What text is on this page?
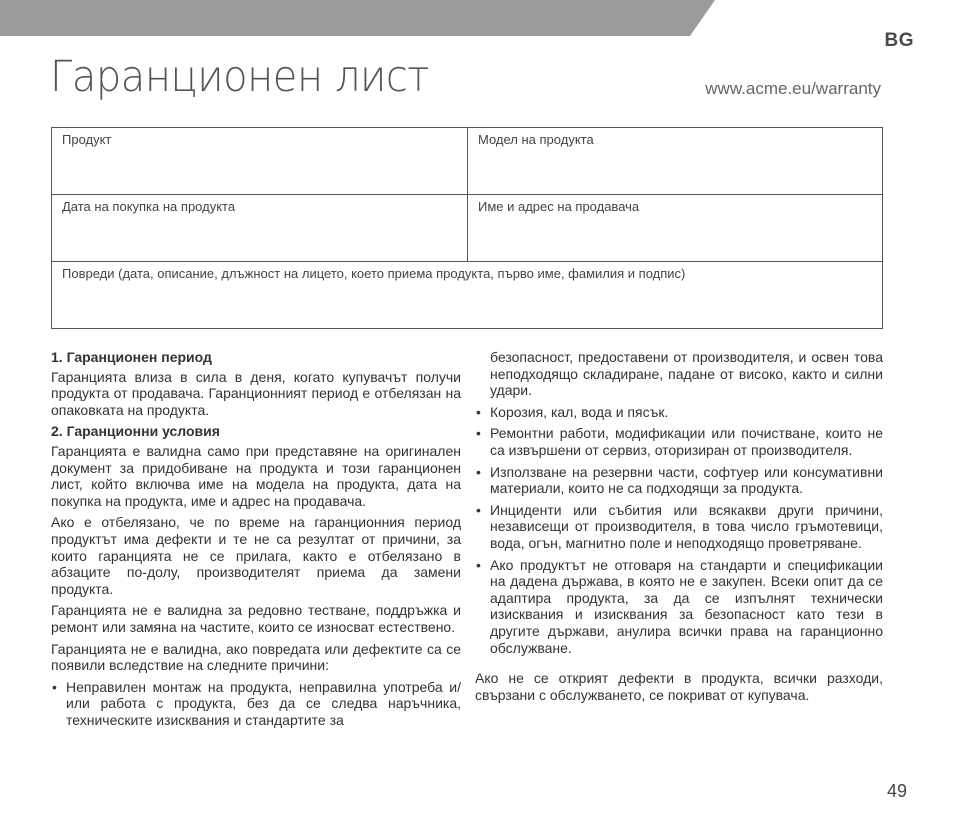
BG
Гаранционен лист	www.acme.eu/warranty
Продукт	Модел на продукта
Дата на покупка на продукта	Име и адрес на продавача
Повреди (дата, описание, длъжност на лицето, което приема продукта, първо име, фамилия и подпис)

1. Гаранционен период

Гаранцията влиза в сила в деня, когато купувачът получи продукта от продавача. Гаранционният период е отбелязан на опаковката на продукта.

2. Гаранционни условия

Гаранцията е валидна само при представяне на оригинален документ за придобиване на продукта и този гаранционен лист, който включва име на модела на продукта, дата на покупка на продукта, име и адрес на продавача.

Ако е отбелязано, че по време на гаранционния период продуктът има дефекти и те не са резултат от причини, за които гаранцията не се прилага, както е отбелязано в абзаците по-долу, производителят приема да замени продукта.

Гаранцията не е валидна за редовно тестване, поддръжка и ремонт или замяна на частите, които се износват естествено.

Гаранцията не е валидна, ако повредата или дефектите са се появили вследствие на следните причини:

• Неправилен монтаж на продукта, неправилна употреба и/или работа с продукта, без да се следва наръчника, техническите изисквания и стандартите за

безопасност, предоставени от производителя, и освен това неподходящо складиране, падане от високо, както и силни удари.

• Корозия, кал, вода и пясък.
• Ремонтни работи, модификации или почистване, които не са извършени от сервиз, оторизиран от производителя.
• Използване на резервни части, софтуер или консумативни материали, които не са подходящи за продукта.
• Инциденти или събития или всякакви други причини, независещи от производителя, в това число гръмотевици, вода, огън, магнитно поле и неподходящо проветряване.
• Ако продуктът не отговаря на стандарти и спецификации на дадена държава, в която не е закупен. Всеки опит да се адаптира продукта, за да се изпълнят технически изисквания и изисквания за безопасност като тези в другите държави, анулира всички права на гаранционно обслужване.

Ако не се открият дефекти в продукта, всички разходи, свързани с обслужването, се покриват от купувача.

49
